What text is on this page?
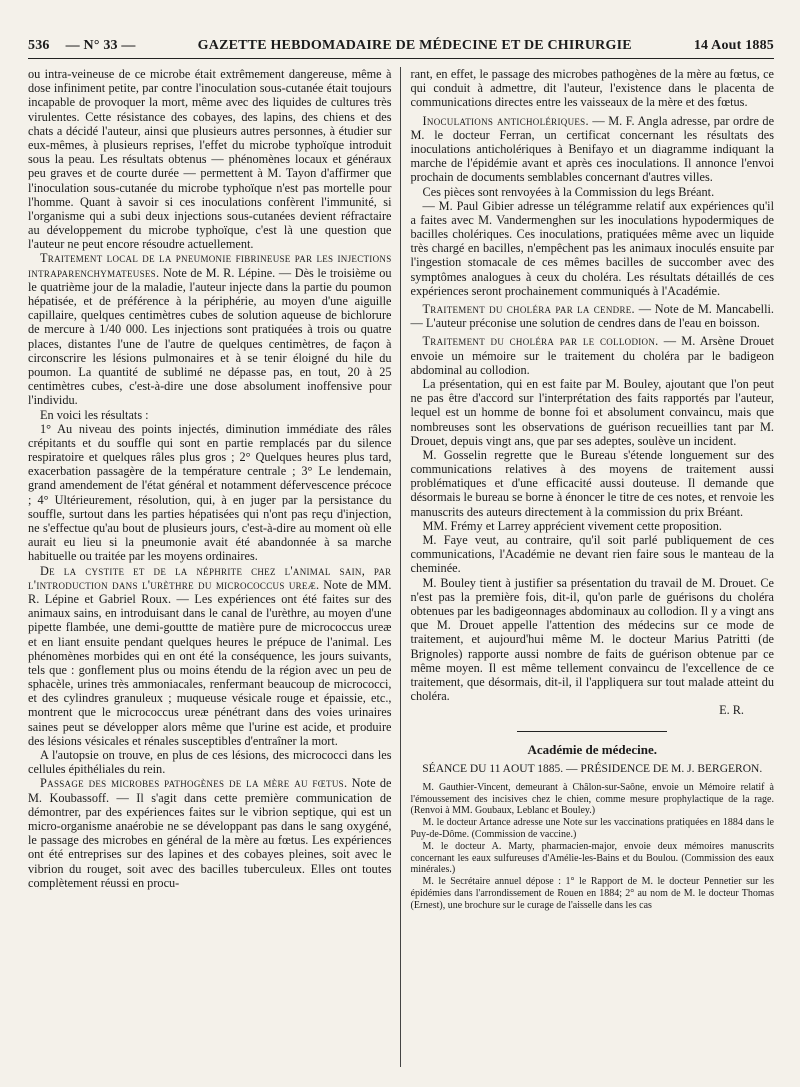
536 — N° 33 —	GAZETTE HEBDOMADAIRE DE MÉDECINE ET DE CHIRURGIE	14 Aout 1885

ou intra-veineuse de ce microbe était extrêmement dangereuse, même à dose infiniment petite, par contre l'inoculation sous-cutanée était toujours incapable de provoquer la mort, même avec des liquides de cultures très virulentes. Cette résistance des cobayes, des lapins, des chiens et des chats a décidé l'auteur, ainsi que plusieurs autres personnes, à étudier sur eux-mêmes, à plusieurs reprises, l'effet du microbe typhoïque introduit sous la peau. Les résultats obtenus — phénomènes locaux et généraux peu graves et de courte durée — permettent à M. Tayon d'affirmer que l'inoculation sous-cutanée du microbe typhoïque n'est pas mortelle pour l'homme. Quant à savoir si ces inoculations confèrent l'immunité, si l'organisme qui a subi deux injections sous-cutanées devient réfractaire au développement du microbe typhoïque, c'est là une question que l'auteur ne peut encore résoudre actuellement.

Traitement local de la pneumonie fibrineuse par les injections intraparenchymateuses. Note de M. R. Lépine. — Dès le troisième ou le quatrième jour de la maladie, l'auteur injecte dans la partie du poumon hépatisée, et de préférence à la périphérie, au moyen d'une aiguille capillaire, quelques centimètres cubes de solution aqueuse de bichlorure de mercure à 1/40 000. Les injections sont pratiquées à trois ou quatre places, distantes l'une de l'autre de quelques centimètres, de façon à circonscrire les lésions pulmonaires et à se tenir éloigné du hile du poumon. La quantité de sublimé ne dépasse pas, en tout, 20 à 25 centimètres cubes, c'est-à-dire une dose absolument inoffensive pour l'individu.

En voici les résultats :

1° Au niveau des points injectés, diminution immédiate des râles crépitants et du souffle qui sont en partie remplacés par du silence respiratoire et quelques râles plus gros ; 2° Quelques heures plus tard, exacerbation passagère de la température centrale ; 3° Le lendemain, grand amendement de l'état général et notamment défervescence précoce ; 4° Ultérieurement, résolution, qui, à en juger par la persistance du souffle, surtout dans les parties hépatisées qui n'ont pas reçu d'injection, ne s'effectue qu'au bout de plusieurs jours, c'est-à-dire au moment où elle aurait eu lieu si la pneumonie avait été abandonnée à sa marche habituelle ou traitée par les moyens ordinaires.

De la cystite et de la néphrite chez l'animal sain, par l'introduction dans l'urèthre du micrococcus ureæ. Note de MM. R. Lépine et Gabriel Roux. — Les expériences ont été faites sur des animaux sains, en introduisant dans le canal de l'urèthre, au moyen d'une pipette flambée, une demi-gouttte de matière pure de micrococcus ureæ et en liant ensuite pendant quelques heures le prépuce de l'animal. Les phénomènes morbides qui en ont été la conséquence, les jours suivants, tels que : gonflement plus ou moins étendu de la région avec un peu de sphacèle, urines très ammoniacales, renfermant beaucoup de micrococci, et des cylindres granuleux ; muqueuse vésicale rouge et épaissie, etc., montrent que le micrococcus ureæ pénétrant dans des voies urinaires saines peut se développer alors même que l'urine est acide, et produire des lésions vésicales et rénales susceptibles d'entraîner la mort.

A l'autopsie on trouve, en plus de ces lésions, des micrococci dans les cellules épithéliales du rein.

Passage des microbes pathogènes de la mère au fœtus. Note de M. Koubassoff. — Il s'agit dans cette première communication de démontrer, par des expériences faites sur le vibrion septique, qui est un micro-organisme anaérobie ne se développant pas dans le sang oxygéné, le passage des microbes en général de la mère au fœtus. Les expériences ont été entreprises sur des lapines et des cobayes pleines, soit avec le vibrion du rouget, soit avec des bacilles tuberculeux. Elles ont toutes complètement réussi en procu-

rant, en effet, le passage des microbes pathogènes de la mère au fœtus, ce qui conduit à admettre, dit l'auteur, l'existence dans le placenta de communications directes entre les vaisseaux de la mère et des fœtus.

Inoculations anticholériques. — M. F. Angla adresse, par ordre de M. le docteur Ferran, un certificat concernant les résultats des inoculations anticholériques à Benifayo et un diagramme indiquant la marche de l'épidémie avant et après ces inoculations. Il annonce l'envoi prochain de documents semblables concernant d'autres villes.

Ces pièces sont renvoyées à la Commission du legs Bréant.

— M. Paul Gibier adresse un télégramme relatif aux expériences qu'il a faites avec M. Vandermenghen sur les inoculations hypodermiques de bacilles cholériques. Ces inoculations, pratiquées même avec un liquide très chargé en bacilles, n'empêchent pas les animaux inoculés ensuite par l'ingestion stomacale de ces mêmes bacilles de succomber avec des symptômes analogues à ceux du choléra. Les résultats détaillés de ces expériences seront prochainement communiqués à l'Académie.

Traitement du choléra par la cendre. — Note de M. Mancabelli. — L'auteur préconise une solution de cendres dans de l'eau en boisson.

Traitement du choléra par le collodion. — M. Arsène Drouet envoie un mémoire sur le traitement du choléra par le badigeon abdominal au collodion.

La présentation, qui en est faite par M. Bouley, ajoutant que l'on peut ne pas être d'accord sur l'interprétation des faits rapportés par l'auteur, lequel est un homme de bonne foi et absolument convaincu, mais que nombreuses sont les observations de guérison recueillies tant par M. Drouet, depuis vingt ans, que par ses adeptes, soulève un incident.

M. Gosselin regrette que le Bureau s'étende longuement sur des communications relatives à des moyens de traitement aussi problématiques et d'une efficacité aussi douteuse. Il demande que désormais le bureau se borne à énoncer le titre de ces notes, et renvoie les manuscrits des auteurs directement à la commission du prix Bréant.

MM. Frémy et Larrey apprécient vivement cette proposition.

M. Faye veut, au contraire, qu'il soit parlé publiquement de ces communications, l'Académie ne devant rien faire sous le manteau de la cheminée.

M. Bouley tient à justifier sa présentation du travail de M. Drouet. Ce n'est pas la première fois, dit-il, qu'on parle de guérisons du choléra obtenues par les badigeonnages abdominaux au collodion. Il y a vingt ans que M. Drouet appelle l'attention des médecins sur ce mode de traitement, et aujourd'hui même M. le docteur Marius Patritti (de Brignoles) rapporte aussi nombre de faits de guérison obtenue par ce même moyen. Il est même tellement convaincu de l'excellence de ce traitement, que désormais, dit-il, il l'appliquera sur tout malade atteint du choléra.

E. R.

Académie de médecine.
SÉANCE DU 11 AOUT 1885. — PRÉSIDENCE DE M. J. BERGERON.

M. Gauthier-Vincent, demeurant à Châlon-sur-Saône, envoie un Mémoire relatif à l'émoussement des incisives chez le chien, comme mesure prophylactique de la rage. (Renvoi à MM. Goubaux, Leblanc et Bouley.)

M. le docteur Artance adresse une Note sur les vaccinations pratiquées en 1884 dans le Puy-de-Dôme. (Commission de vaccine.)

M. le docteur A. Marty, pharmacien-major, envoie deux mémoires manuscrits concernant les eaux sulfureuses d'Amélie-les-Bains et du Boulou. (Commission des eaux minérales.)

M. le Secrétaire annuel dépose : 1° le Rapport de M. le docteur Pennetier sur les épidémies dans l'arrondissement de Rouen en 1884; 2° au nom de M. le docteur Thomas (Ernest), une brochure sur le curage de l'aisselle dans les cas
